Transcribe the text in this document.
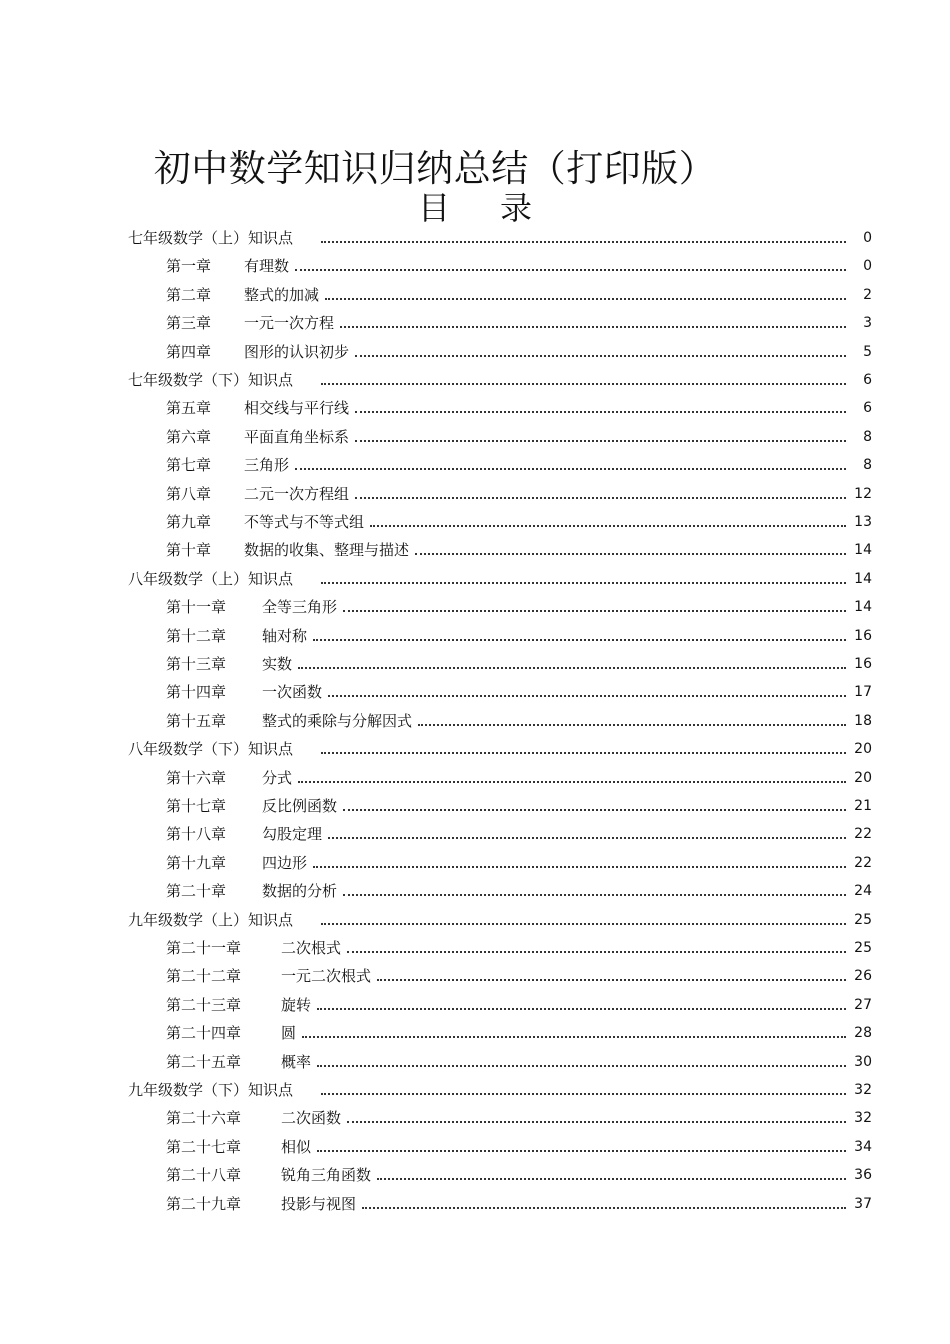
初中数学知识归纳总结（打印版）
目 录
七年级数学（上）知识点	0
第一章	有理数	0
第二章	整式的加减	2
第三章	一元一次方程	3
第四章	图形的认识初步	5
七年级数学（下）知识点	6
第五章	相交线与平行线	6
第六章	平面直角坐标系	8
第七章	三角形	8
第八章	二元一次方程组	12
第九章	不等式与不等式组	13
第十章	数据的收集、整理与描述	14
八年级数学（上）知识点	14
第十一章	全等三角形	14
第十二章	轴对称	16
第十三章	实数	16
第十四章	一次函数	17
第十五章	整式的乘除与分解因式	18
八年级数学（下）知识点	20
第十六章	分式	20
第十七章	反比例函数	21
第十八章	勾股定理	22
第十九章	四边形	22
第二十章	数据的分析	24
九年级数学（上）知识点	25
第二十一章	二次根式	25
第二十二章	一元二次根式	26
第二十三章	旋转	27
第二十四章	圆	28
第二十五章	概率	30
九年级数学（下）知识点	32
第二十六章	二次函数	32
第二十七章	相似	34
第二十八章	锐角三角函数	36
第二十九章	投影与视图	37
